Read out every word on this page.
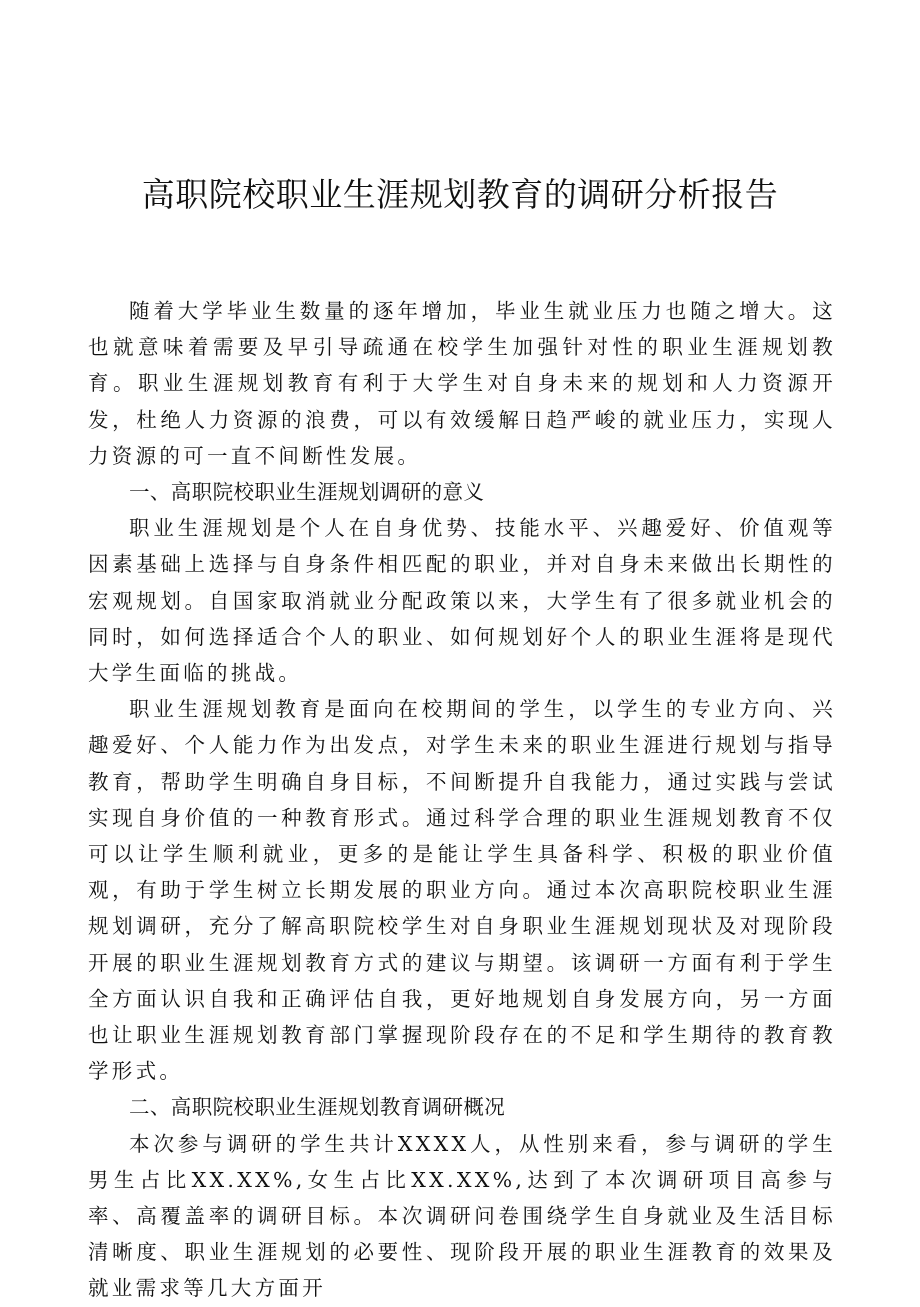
高职院校职业生涯规划教育的调研分析报告

随着大学毕业生数量的逐年增加，毕业生就业压力也随之增大。这也就意味着需要及早引导疏通在校学生加强针对性的职业生涯规划教育。职业生涯规划教育有利于大学生对自身未来的规划和人力资源开发，杜绝人力资源的浪费，可以有效缓解日趋严峻的就业压力，实现人力资源的可一直不间断性发展。

一、高职院校职业生涯规划调研的意义

职业生涯规划是个人在自身优势、技能水平、兴趣爱好、价值观等因素基础上选择与自身条件相匹配的职业，并对自身未来做出长期性的宏观规划。自国家取消就业分配政策以来，大学生有了很多就业机会的同时，如何选择适合个人的职业、如何规划好个人的职业生涯将是现代大学生面临的挑战。

职业生涯规划教育是面向在校期间的学生，以学生的专业方向、兴趣爱好、个人能力作为出发点，对学生未来的职业生涯进行规划与指导教育，帮助学生明确自身目标，不间断提升自我能力，通过实践与尝试实现自身价值的一种教育形式。通过科学合理的职业生涯规划教育不仅可以让学生顺利就业，更多的是能让学生具备科学、积极的职业价值观，有助于学生树立长期发展的职业方向。通过本次高职院校职业生涯规划调研，充分了解高职院校学生对自身职业生涯规划现状及对现阶段开展的职业生涯规划教育方式的建议与期望。该调研一方面有利于学生全方面认识自我和正确评估自我，更好地规划自身发展方向，另一方面也让职业生涯规划教育部门掌握现阶段存在的不足和学生期待的教育教学形式。

二、高职院校职业生涯规划教育调研概况

本次参与调研的学生共计XXXX人，从性别来看，参与调研的学生男生占比XX.XX%,女生占比XX.XX%,达到了本次调研项目高参与率、高覆盖率的调研目标。本次调研问卷围绕学生自身就业及生活目标清晰度、职业生涯规划的必要性、现阶段开展的职业生涯教育的效果及就业需求等几大方面开
